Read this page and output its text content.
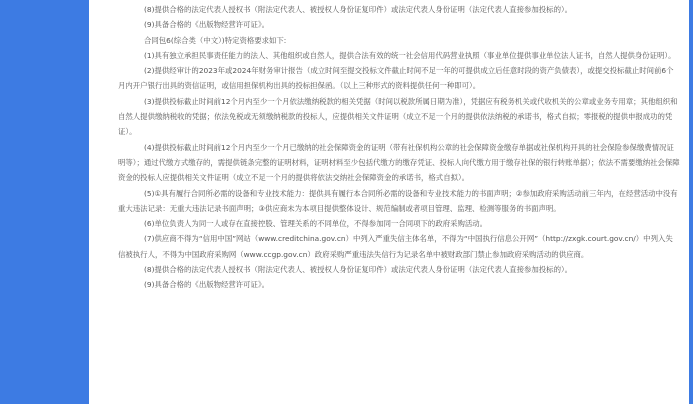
(8)提供合格的法定代表人授权书（附法定代表人、被授权人身份证复印件）或法定代表人身份证明（法定代表人直接参加投标的）。

(9)具备合格的《出版物经营许可证》。

合同包6(综合类（中文）)特定资格要求如下:

(1)具有独立承担民事责任能力的法人、其他组织或自然人，提供合法有效的统一社会信用代码营业执照（事业单位提供事业单位法人证书，自然人提供身份证明）。

(2)提供经审计的2023年或2024年财务审计报告（成立时间至提交投标文件截止时间不足一年的可提供成立后任意时段的资产负债表），或提交投标截止时间前6个月内开户银行出具的资信证明，或信用担保机构出具的投标担保函。（以上三种形式的资料提供任何一种即可）。

(3)提供投标截止时间前12个月内至少一个月依法缴纳税款的相关凭据（时间以税款所属日期为准），凭据应有税务机关或代收机关的公章或业务专用章；其他组织和自然人提供缴纳税收的凭据；依法免税或无须缴纳税款的投标人，应提供相关文件证明（成立不足一个月的提供依法纳税的承诺书，格式自拟；零报税的提供申报成功的凭证）。

(4)提供投标截止时间前12个月内至少一个月已缴纳的社会保障资金的证明（带有社保机构公章的社会保障资金缴存单据或社保机构开具的社会保险参保缴费情况证明等）；通过代缴方式缴存的，需提供链条完整的证明材料，证明材料至少包括代缴方的缴存凭证、投标人向代缴方用于缴存社保的银行转账单据）；依法不需要缴纳社会保障资金的投标人应提供相关文件证明（成立不足一个月的提供将依法交纳社会保障资金的承诺书，格式自拟）。

(5)①具有履行合同所必需的设备和专业技术能力：提供具有履行本合同所必需的设备和专业技术能力的书面声明；②参加政府采购活动前三年内，在经营活动中没有重大违法记录：无重大违法记录书面声明；③供应商未为本项目提供整体设计、规范编制或者项目管理、监理、检测等服务的书面声明。

(6)单位负责人为同一人或存在直接控股、管理关系的不同单位，不得参加同一合同项下的政府采购活动。

(7)供应商不得为“信用中国”网站（www.creditchina.gov.cn）中列入严重失信主体名单，不得为“中国执行信息公开网”（http://zxgk.court.gov.cn/）中列入失信被执行人，不得为中国政府采购网（www.ccgp.gov.cn）政府采购严重违法失信行为记录名单中被财政部门禁止参加政府采购活动的供应商。

(8)提供合格的法定代表人授权书（附法定代表人、被授权人身份证复印件）或法定代表人身份证明（法定代表人直接参加投标的）。

(9)具备合格的《出版物经营许可证》。
